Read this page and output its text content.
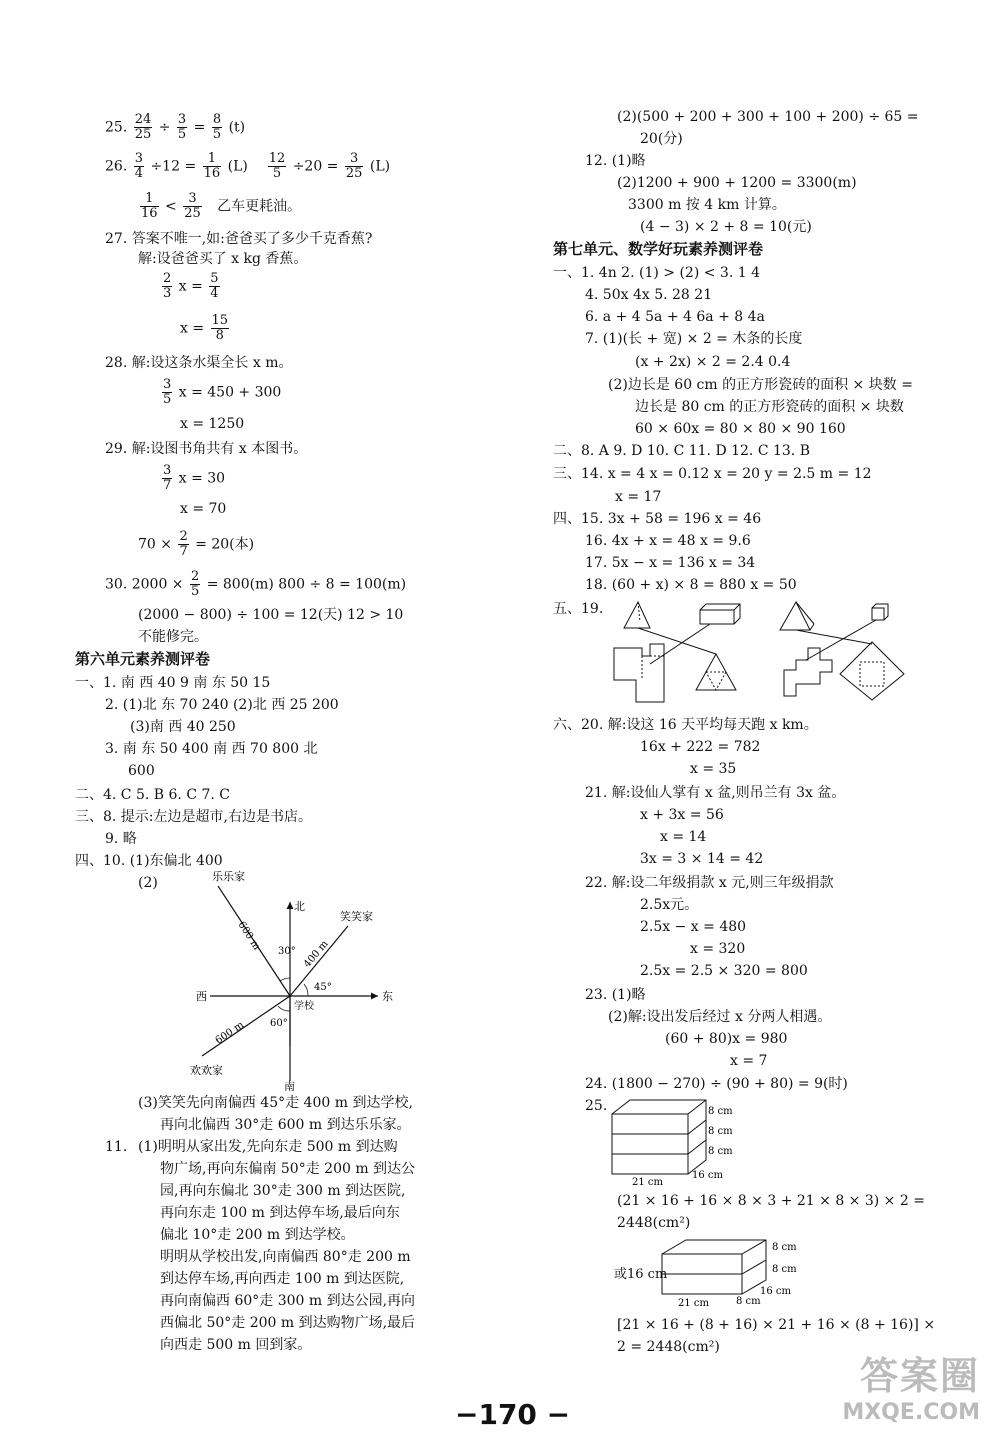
25. $\frac{24}{25} \div \frac{3}{5} = \frac{8}{5} (t)$
26. $\frac{3}{4} \div 12 = \frac{1}{16} (L) \frac{12}{5} \div 20 = \frac{3}{25} (L)$
$\frac{1}{16} < \frac{3}{25}$ 乙车更耗油。
27. 答案不唯一,如:爸爸买了多少千克香蕉?
解:设爸爸买了 x kg 香蕉。
$\frac{2}{3}$ $x = \frac{5}{4}$
$x = \frac{15}{8}$
28. 解:设这条水渠全长 x m。
$\frac{3}{5}$ x = 450 + 300
x = 1250
29. 解:设图书角共有 x 本图书。
$\frac{3}{7}$ x = 30
x = 70
$70 \times \frac{2}{7} = 20$(本)
30. $2000 \times \frac{2}{5} = 800(m) 800 \div 8 = 100(m)$
(2000 − 800) ÷ 100 = 12(天) 12 > 10
不能修完。
第六单元素养测评卷
一、1. 南 西 40 9 南 东 50 15
2. (1)北 东 70 240 (2)北 西 25 200
(3)南 西 40 250
3. 南 东 50 400 南 西 70 800 北
600
二、4. C 5. B 6. C 7. C
三、8. 提示:左边是超市,右边是书店。
9. 略
四、10. (1)东偏北 400
(2)
北
南
东
西
学校
乐乐家
笑笑家
欢欢家
600 m
400 m
600 m
30°
45°
60°
(3)笑笑先向南偏西 45°走 400 m 到达学校,
再向北偏西 30°走 600 m 到达乐乐家。
11. (1)明明从家出发,先向东走 500 m 到达购
物广场,再向东偏南 50°走 200 m 到达公
园,再向东偏北 30°走 300 m 到达医院,
再向东走 100 m 到达停车场,最后向东
偏北 10°走 200 m 到达学校。
明明从学校出发,向南偏西 80°走 200 m
到达停车场,再向西走 100 m 到达医院,
再向南偏西 60°走 300 m 到达公园,再向
西偏北 50°走 200 m 到达购物广场,最后
向西走 500 m 回到家。
(2)(500 + 200 + 300 + 100 + 200) ÷ 65 =
20(分)
12. (1)略
(2)1200 + 900 + 1200 = 3300(m)
3300 m 按 4 km 计算。
(4 − 3) × 2 + 8 = 10(元)
第七单元、数学好玩素养测评卷
一、1. 4n 2. (1) > (2) < 3. 1 4
4. 50x 4x 5. 28 21
6. a + 4 5a + 4 6a + 8 4a
7. (1)(长 + 宽) × 2 = 木条的长度
(x + 2x) × 2 = 2.4 0.4
(2)边长是 60 cm 的正方形瓷砖的面积 × 块数 =
边长是 80 cm 的正方形瓷砖的面积 × 块数
60 × 60x = 80 × 80 × 90 160
二、8. A 9. D 10. C 11. D 12. C 13. B
三、14. x = 4 x = 0.12 x = 20 y = 2.5 m = 12
x = 17
四、15. 3x + 58 = 196 x = 46
16. 4x + x = 48 x = 9.6
17. 5x − x = 136 x = 34
18. (60 + x) × 8 = 880 x = 50
五、19.
六、20. 解:设这 16 天平均每天跑 x km。
16x + 222 = 782
x = 35
21. 解:设仙人掌有 x 盆,则吊兰有 3x 盆。
x + 3x = 56
x = 14
3x = 3 × 14 = 42
22. 解:设二年级捐款 x 元,则三年级捐款
2.5x元。
2.5x − x = 480
x = 320
2.5x = 2.5 × 320 = 800
23. (1)略
(2)解:设出发后经过 x 分两人相遇。
(60 + 80)x = 980
x = 7
24. (1800 − 270) ÷ (90 + 80) = 9(时)
25.	8 cm
8 cm
8 cm
21 cm
16 cm
(21 × 16 + 16 × 8 × 3 + 21 × 8 × 3) × 2 =
2448(cm²)
或16 cm
8 cm
8 cm
21 cm	8 cm
16 cm
[21 × 16 + (8 + 16) × 21 + 16 × (8 + 16)] ×
2 = 2448(cm²)
−170 −
答案圈
MXQE.COM
